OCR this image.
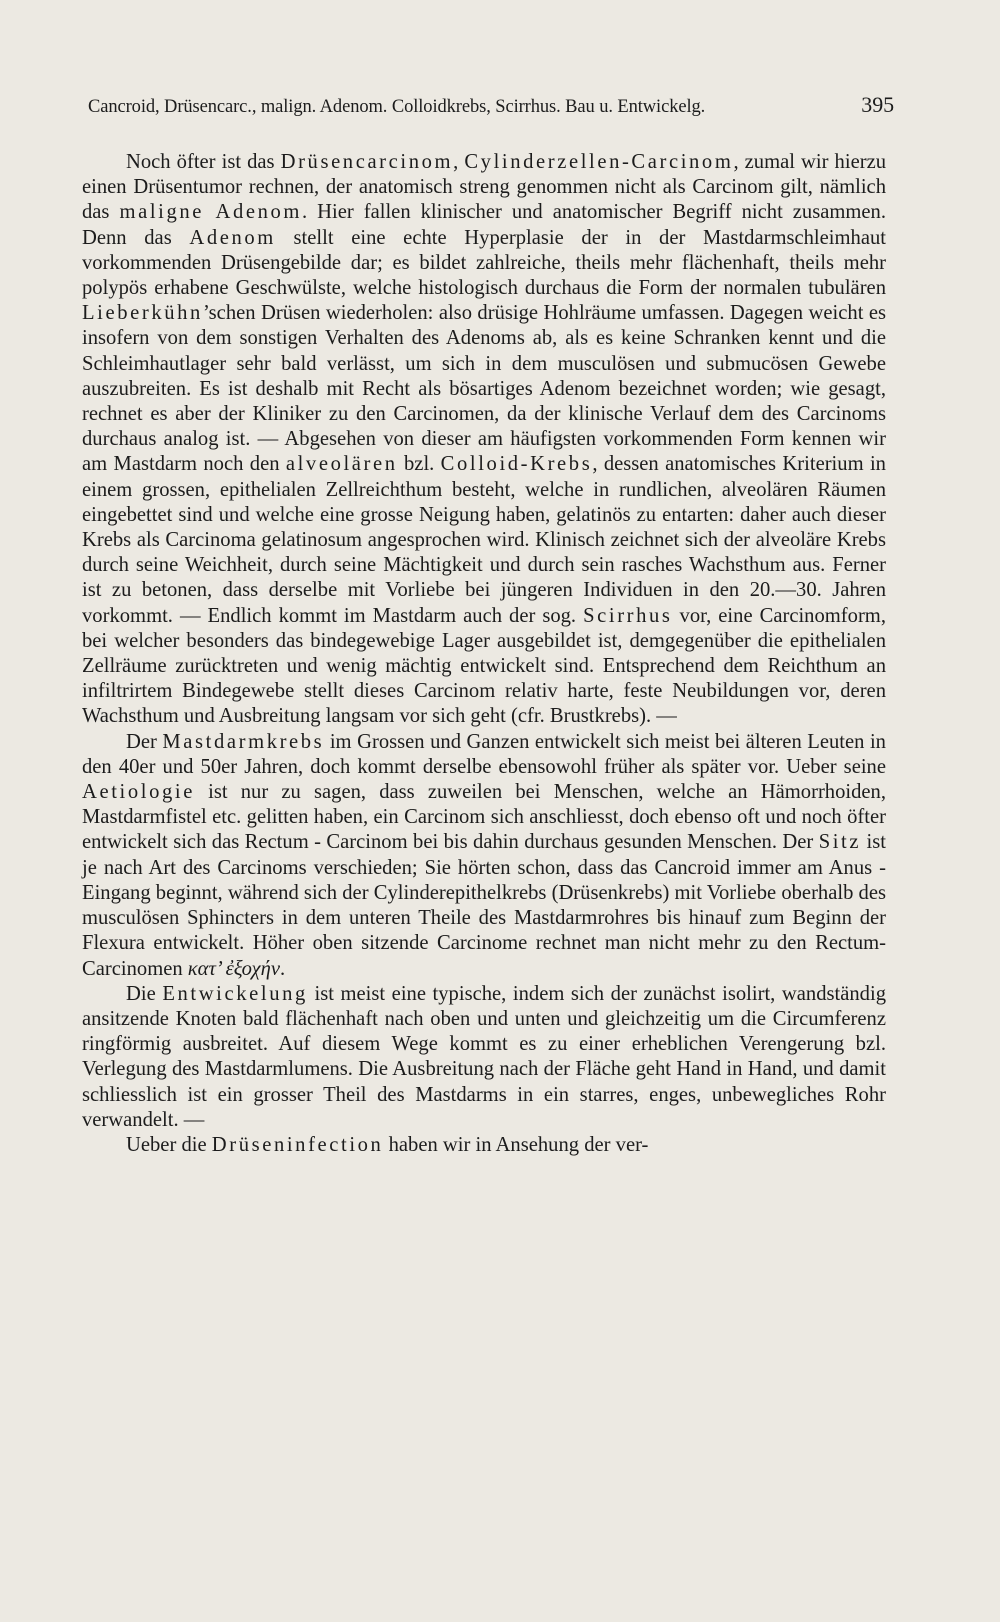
Cancroid, Drüsencarc., malign. Adenom. Colloidkrebs, Scirrhus. Bau u. Entwickelg.	395

Noch öfter ist das Drüsencarcinom, Cylinderzellen-Carcinom, zumal wir hierzu einen Drüsentumor rechnen, der anatomisch streng genommen nicht als Carcinom gilt, nämlich das maligne Adenom. Hier fallen klinischer und anatomischer Begriff nicht zusammen. Denn das Adenom stellt eine echte Hyperplasie der in der Mastdarmschleimhaut vorkommenden Drüsengebilde dar; es bildet zahlreiche, theils mehr flächenhaft, theils mehr polypös erhabene Geschwülste, welche histologisch durchaus die Form der normalen tubulären Lieberkühn’schen Drüsen wiederholen: also drüsige Hohlräume umfassen. Dagegen weicht es insofern von dem sonstigen Verhalten des Adenoms ab, als es keine Schranken kennt und die Schleimhautlager sehr bald verlässt, um sich in dem musculösen und submucösen Gewebe auszubreiten. Es ist deshalb mit Recht als bösartiges Adenom bezeichnet worden; wie gesagt, rechnet es aber der Kliniker zu den Carcinomen, da der klinische Verlauf dem des Carcinoms durchaus analog ist. — Abgesehen von dieser am häufigsten vorkommenden Form kennen wir am Mastdarm noch den alveolären bzl. Colloid-Krebs, dessen anatomisches Kriterium in einem grossen, epithelialen Zellreichthum besteht, welche in rundlichen, alveolären Räumen eingebettet sind und welche eine grosse Neigung haben, gelatinös zu entarten: daher auch dieser Krebs als Carcinoma gelatinosum angesprochen wird. Klinisch zeichnet sich der alveoläre Krebs durch seine Weichheit, durch seine Mächtigkeit und durch sein rasches Wachsthum aus. Ferner ist zu betonen, dass derselbe mit Vorliebe bei jüngeren Individuen in den 20.—30. Jahren vorkommt. — Endlich kommt im Mastdarm auch der sog. Scirrhus vor, eine Carcinomform, bei welcher besonders das bindegewebige Lager ausgebildet ist, demgegenüber die epithelialen Zellräume zurücktreten und wenig mächtig entwickelt sind. Entsprechend dem Reichthum an infiltrirtem Bindegewebe stellt dieses Carcinom relativ harte, feste Neubildungen vor, deren Wachsthum und Ausbreitung langsam vor sich geht (cfr. Brustkrebs). —

Der Mastdarmkrebs im Grossen und Ganzen entwickelt sich meist bei älteren Leuten in den 40er und 50er Jahren, doch kommt derselbe ebensowohl früher als später vor. Ueber seine Aetiologie ist nur zu sagen, dass zuweilen bei Menschen, welche an Hämorrhoiden, Mastdarmfistel etc. gelitten haben, ein Carcinom sich anschliesst, doch ebenso oft und noch öfter entwickelt sich das Rectum - Carcinom bei bis dahin durchaus gesunden Menschen. Der Sitz ist je nach Art des Carcinoms verschieden; Sie hörten schon, dass das Cancroid immer am Anus - Eingang beginnt, während sich der Cylinderepithelkrebs (Drüsenkrebs) mit Vorliebe oberhalb des musculösen Sphincters in dem unteren Theile des Mastdarmrohres bis hinauf zum Beginn der Flexura entwickelt. Höher oben sitzende Carcinome rechnet man nicht mehr zu den Rectum-Carcinomen κατ’ ἐξοχήν.

Die Entwickelung ist meist eine typische, indem sich der zunächst isolirt, wandständig ansitzende Knoten bald flächenhaft nach oben und unten und gleichzeitig um die Circumferenz ringförmig ausbreitet. Auf diesem Wege kommt es zu einer erheblichen Verengerung bzl. Verlegung des Mastdarmlumens. Die Ausbreitung nach der Fläche geht Hand in Hand, und damit schliesslich ist ein grosser Theil des Mastdarms in ein starres, enges, unbewegliches Rohr verwandelt. —

Ueber die Drüseninfection haben wir in Ansehung der ver-
